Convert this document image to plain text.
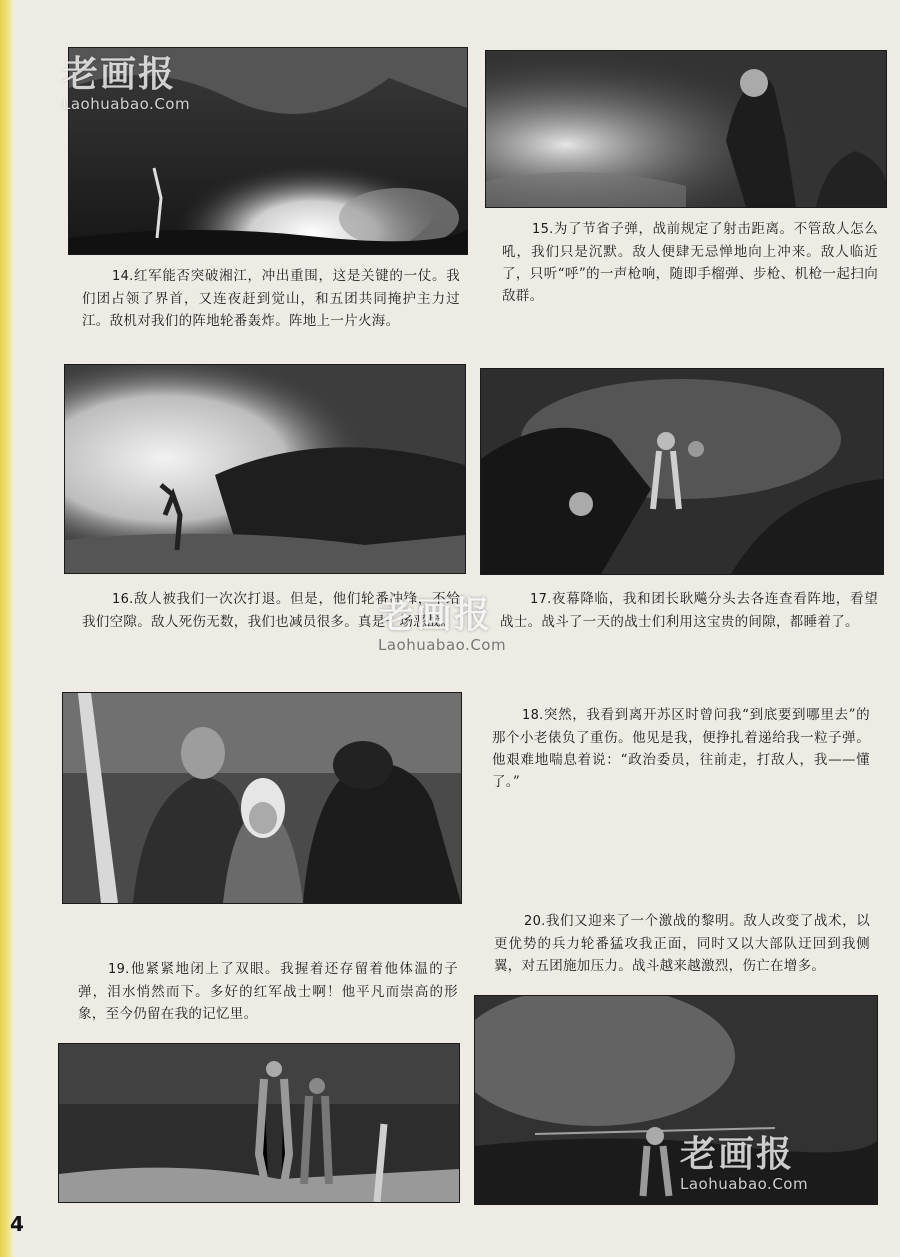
老画报
Laohuabao.Com
14.红军能否突破湘江，冲出重围，这是关键的一仗。我们团占领了界首，又连夜赶到觉山，和五团共同掩护主力过江。敌机对我们的阵地轮番轰炸。阵地上一片火海。
15.为了节省子弹，战前规定了射击距离。不管敌人怎么吼，我们只是沉默。敌人便肆无忌惮地向上冲来。敌人临近了，只听“呼”的一声枪响，随即手榴弹、步枪、机枪一起扫向敌群。
16.敌人被我们一次次打退。但是，他们轮番冲锋，不给我们空隙。敌人死伤无数，我们也减员很多。真是一场恶战。
17.夜幕降临，我和团长耿飚分头去各连查看阵地，看望战士。战斗了一天的战士们利用这宝贵的间隙，都睡着了。
老画报
Laohuabao.Com
18.突然，我看到离开苏区时曾问我“到底要到哪里去”的那个小老俵负了重伤。他见是我，便挣扎着递给我一粒子弹。他艰难地喘息着说：“政治委员，往前走，打敌人，我——懂了。”
20.我们又迎来了一个激战的黎明。敌人改变了战术，以更优势的兵力轮番猛攻我正面，同时又以大部队迂回到我侧翼，对五团施加压力。战斗越来越激烈，伤亡在增多。
19.他紧紧地闭上了双眼。我握着还存留着他体温的子弹，泪水悄然而下。多好的红军战士啊！他平凡而崇高的形象，至今仍留在我的记忆里。
老画报
Laohuabao.Com
4
